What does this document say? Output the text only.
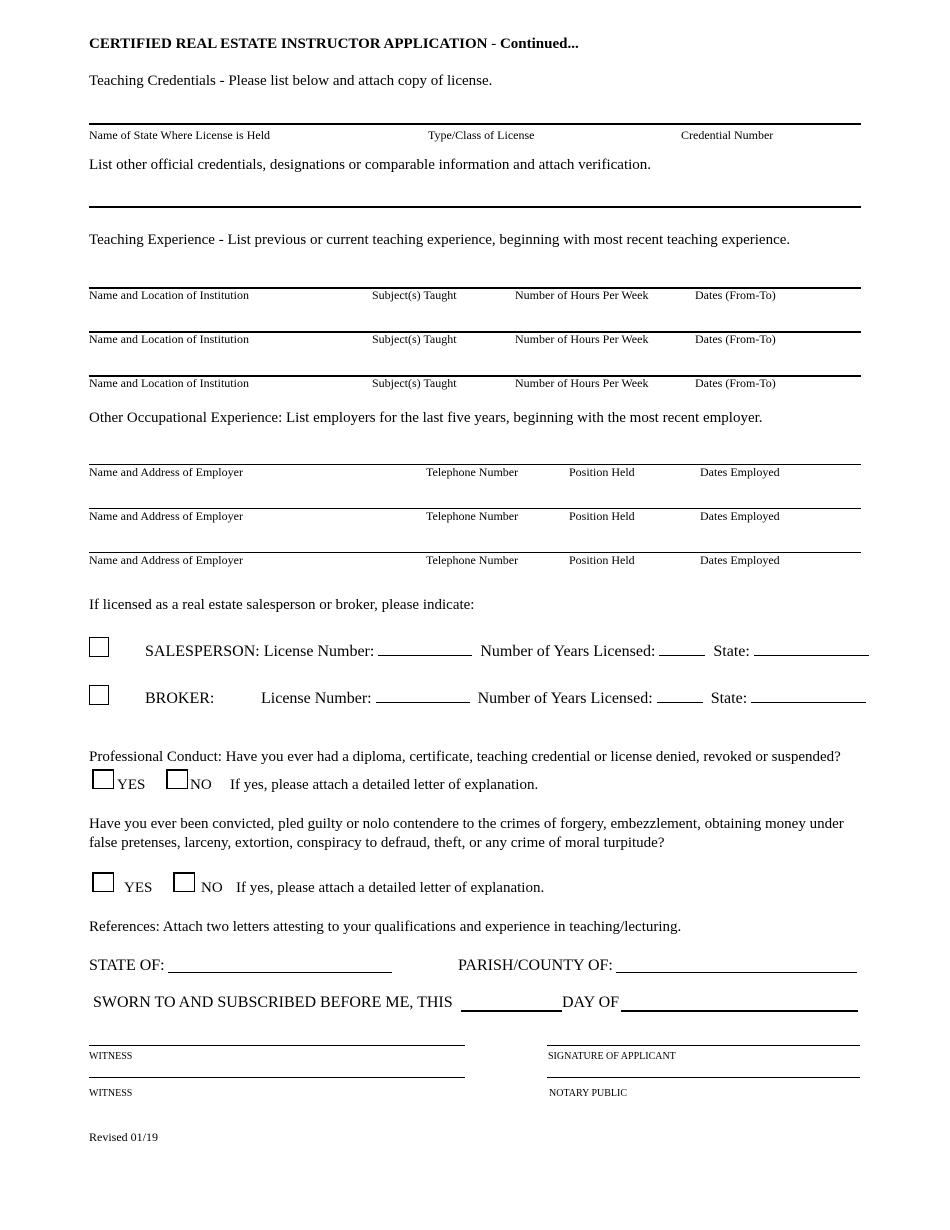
CERTIFIED REAL ESTATE INSTRUCTOR APPLICATION - Continued...
Teaching Credentials - Please list below and attach copy of license.
Name of State Where License is Held	Type/Class of License	Credential Number
List other official credentials, designations or comparable information and attach verification.
Teaching Experience - List previous or current teaching experience, beginning with most recent teaching experience.
Name and Location of Institution	Subject(s) Taught	Number of Hours Per Week	Dates (From-To)
Name and Location of Institution	Subject(s) Taught	Number of Hours Per Week	Dates (From-To)
Name and Location of Institution	Subject(s) Taught	Number of Hours Per Week	Dates (From-To)
Other Occupational Experience: List employers for the last five years, beginning with the most recent employer.
Name and Address of Employer	Telephone Number	Position Held	Dates Employed
Name and Address of Employer	Telephone Number	Position Held	Dates Employed
Name and Address of Employer	Telephone Number	Position Held	Dates Employed
If licensed as a real estate salesperson or broker, please indicate:
SALESPERSON: License Number:	Number of Years Licensed:	State:
BROKER:	License Number:	Number of Years Licensed:	State:
Professional Conduct: Have you ever had a diploma, certificate, teaching credential or license denied, revoked or suspended?
YES	NO If yes, please attach a detailed letter of explanation.
Have you ever been convicted, pled guilty or nolo contendere to the crimes of forgery, embezzlement, obtaining money under
false pretenses, larceny, extortion, conspiracy to defraud, theft, or any crime of moral turpitude?
YES	NO If yes, please attach a detailed letter of explanation.
References: Attach two letters attesting to your qualifications and experience in teaching/lecturing.
STATE OF:	PARISH/COUNTY OF:
SWORN TO AND SUBSCRIBED BEFORE ME, THIS	DAY OF
WITNESS	SIGNATURE OF APPLICANT
WITNESS	NOTARY PUBLIC
Revised 01/19
